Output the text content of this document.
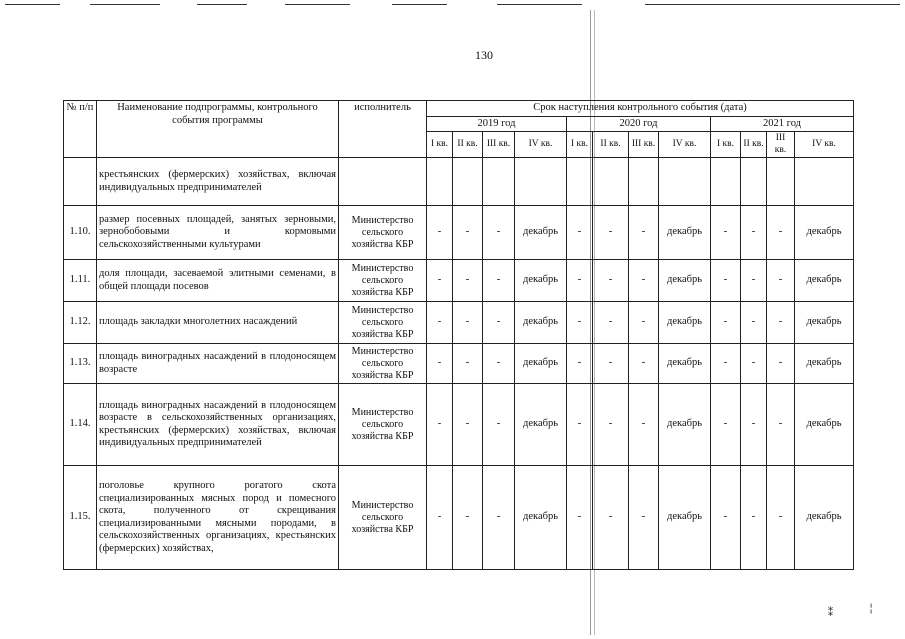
130
№ п/п	Наименование подпрограммы, контрольного события программы	исполнитель	Срок наступления контрольного события (дата)											
			2019 год				2020 год				2021 год			
			I кв.	II кв.	III кв.	IV кв.	I кв.	II кв.	III кв.	IV кв.	I кв.	II кв.	III кв.	IV кв.
	крестьянских (фермерских) хозяйствах, включая индивидуальных предпринимателей													
1.10.	размер посевных площадей, занятых зерновыми, зернобобовыми и кормовыми сельскохозяйственными культурами	Министерство сельского хозяйства КБР	-	-	-	декабрь	-	-	-	декабрь	-	-	-	декабрь
1.11.	доля площади, засеваемой элитными семенами, в общей площади посевов	Министерство сельского хозяйства КБР	-	-	-	декабрь	-	-	-	декабрь	-	-	-	декабрь
1.12.	площадь закладки многолетних насаждений	Министерство сельского хозяйства КБР	-	-	-	декабрь	-	-	-	декабрь	-	-	-	декабрь
1.13.	площадь виноградных насаждений в плодоносящем возрасте	Министерство сельского хозяйства КБР	-	-	-	декабрь	-	-	-	декабрь	-	-	-	декабрь
1.14.	площадь виноградных насаждений в плодоносящем возрасте в сельскохозяйственных организациях, крестьянских (фермерских) хозяйствах, включая индивидуальных предпринимателей	Министерство сельского хозяйства КБР	-	-	-	декабрь	-	-	-	декабрь	-	-	-	декабрь
1.15.	поголовье крупного рогатого скота специализированных мясных пород и помесного скота, полученного от скрещивания специализированными мясными породами, в сельскохозяйственных организациях, крестьянских (фермерских) хозяйствах,	Министерство сельского хозяйства КБР	-	-	-	декабрь	-	-	-	декабрь	-	-	-	декабрь
⁑	╎
